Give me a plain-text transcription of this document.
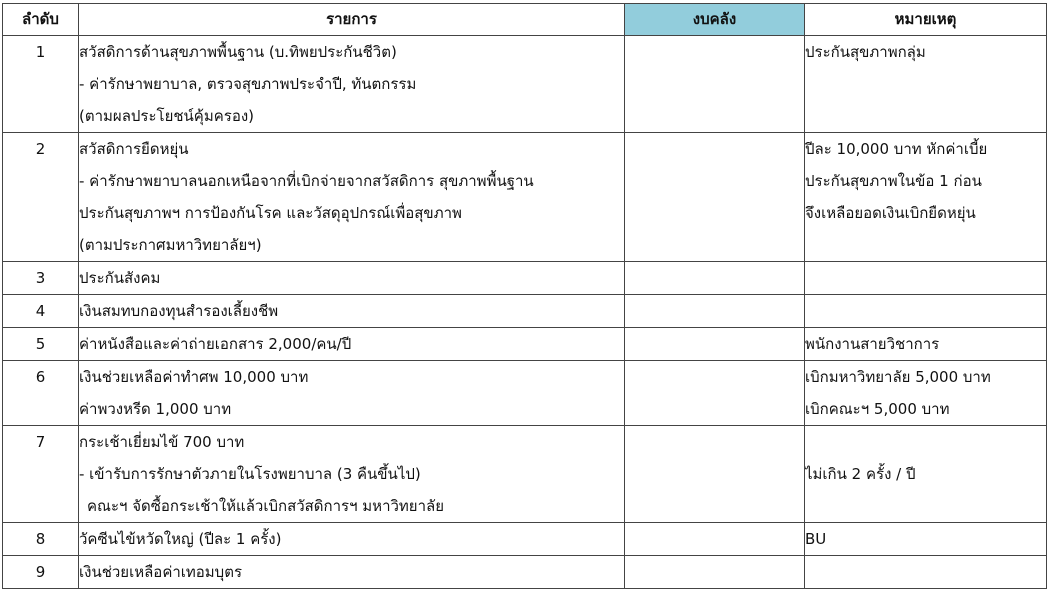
ลำดับ	รายการ	งบคลัง	หมายเหตุ
1	สวัสดิการด้านสุขภาพพื้นฐาน (บ.ทิพยประกันชีวิต)
- ค่ารักษาพยาบาล, ตรวจสุขภาพประจำปี, ทันตกรรม
(ตามผลประโยชน์คุ้มครอง)		ประกันสุขภาพกลุ่ม

2	สวัสดิการยืดหยุ่น
- ค่ารักษาพยาบาลนอกเหนือจากที่เบิกจ่ายจากสวัสดิการ สุขภาพพื้นฐาน
ประกันสุขภาพฯ การป้องกันโรค และวัสดุอุปกรณ์เพื่อสุขภาพ
(ตามประกาศมหาวิทยาลัยฯ)		ปีละ 10,000 บาท หักค่าเบี้ย
ประกันสุขภาพในข้อ 1 ก่อน
จึงเหลือยอดเงินเบิกยืดหยุ่น

3	ประกันสังคม

4	เงินสมทบกองทุนสำรองเลี้ยงชีพ

5	ค่าหนังสือและค่าถ่ายเอกสาร 2,000/คน/ปี		พนักงานสายวิชาการ

6	เงินช่วยเหลือค่าทำศพ 10,000 บาท
ค่าพวงหรีด 1,000 บาท		เบิกมหาวิทยาลัย 5,000 บาท
เบิกคณะฯ 5,000 บาท

7	กระเช้าเยี่ยมไข้ 700 บาท
- เข้ารับการรักษาตัวภายในโรงพยาบาล (3 คืนขึ้นไป)
คณะฯ จัดซื้อกระเช้าให้แล้วเบิกสวัสดิการฯ มหาวิทยาลัย		ไม่เกิน 2 ครั้ง / ปี

8	วัคซีนไข้หวัดใหญ่ (ปีละ 1 ครั้ง)		BU

9	เงินช่วยเหลือค่าเทอมบุตร
